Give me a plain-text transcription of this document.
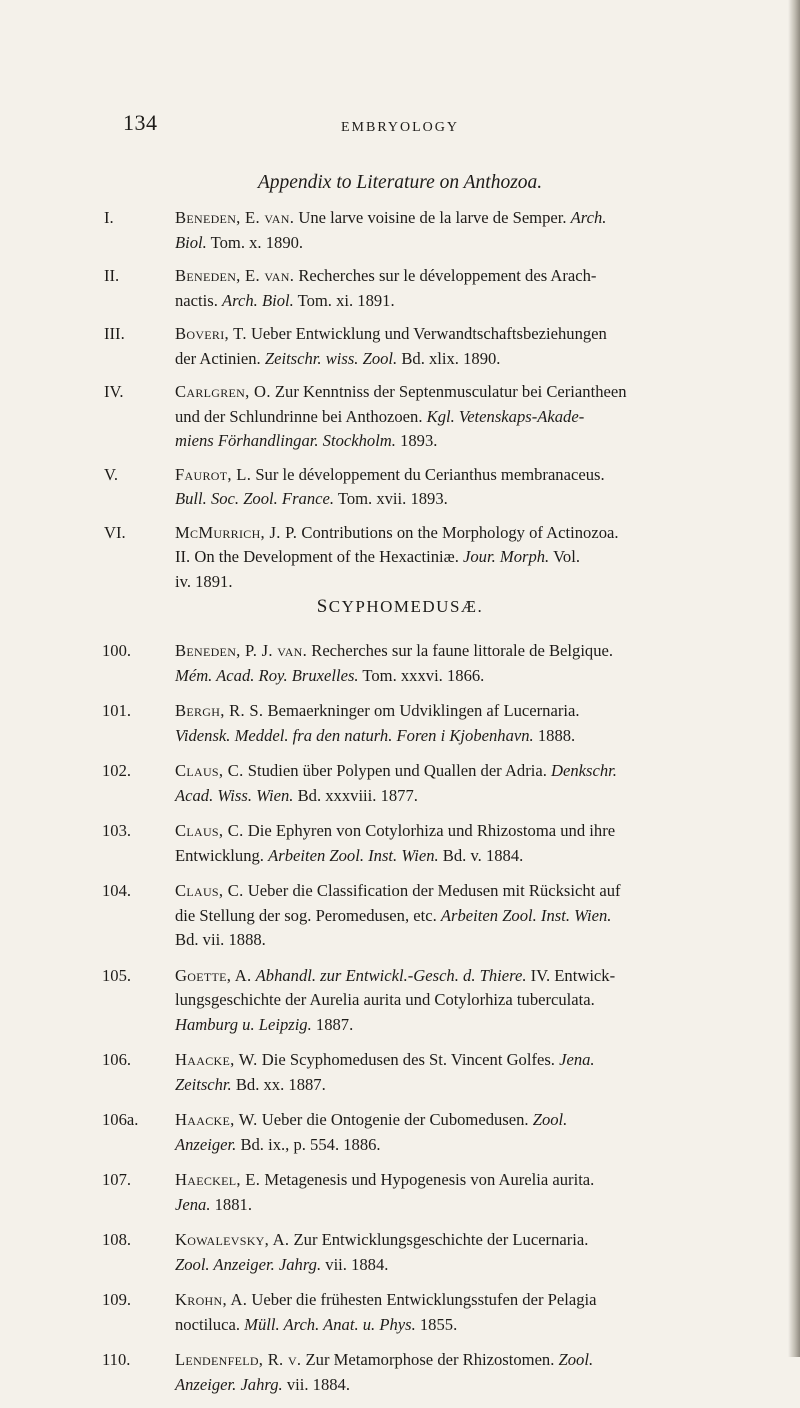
134	EMBRYOLOGY
Appendix to Literature on Anthozoa.
I.	Beneden, E. van. Une larve voisine de la larve de Semper. Arch.
Biol. Tom. x. 1890.
II.	Beneden, E. van. Recherches sur le développement des Arach-
nactis. Arch. Biol. Tom. xi. 1891.
III.	Boveri, T. Ueber Entwicklung und Verwandtschaftsbeziehungen
der Actinien. Zeitschr. wiss. Zool. Bd. xlix. 1890.
IV.	Carlgren, O. Zur Kenntniss der Septenmusculatur bei Ceriantheen
und der Schlundrinne bei Anthozoen. Kgl. Vetenskaps-Akade-
miens Förhandlingar. Stockholm. 1893.
V.	Faurot, L. Sur le développement du Cerianthus membranaceus.
Bull. Soc. Zool. France. Tom. xvii. 1893.
VI.	McMurrich, J. P. Contributions on the Morphology of Actinozoa.
II. On the Development of the Hexactiniæ. Jour. Morph. Vol.
iv. 1891.
SCYPHOMEDUSÆ.
100.	Beneden, P. J. van. Recherches sur la faune littorale de Belgique.
Mém. Acad. Roy. Bruxelles. Tom. xxxvi. 1866.
101.	Bergh, R. S. Bemaerkninger om Udviklingen af Lucernaria.
Vidensk. Meddel. fra den naturh. Foren i Kjobenhavn. 1888.
102.	Claus, C. Studien über Polypen und Quallen der Adria. Denkschr.
Acad. Wiss. Wien. Bd. xxxviii. 1877.
103.	Claus, C. Die Ephyren von Cotylorhiza und Rhizostoma und ihre
Entwicklung. Arbeiten Zool. Inst. Wien. Bd. v. 1884.
104.	Claus, C. Ueber die Classification der Medusen mit Rücksicht auf
die Stellung der sog. Peromedusen, etc. Arbeiten Zool. Inst. Wien.
Bd. vii. 1888.
105.	Goette, A. Abhandl. zur Entwickl.-Gesch. d. Thiere. IV. Entwick-
lungsgeschichte der Aurelia aurita und Cotylorhiza tuberculata.
Hamburg u. Leipzig. 1887.
106.	Haacke, W. Die Scyphomedusen des St. Vincent Golfes. Jena.
Zeitschr. Bd. xx. 1887.
106a. Haacke, W. Ueber die Ontogenie der Cubomedusen. Zool.
Anzeiger. Bd. ix., p. 554. 1886.
107.	Haeckel, E. Metagenesis und Hypogenesis von Aurelia aurita.
Jena. 1881.
108.	Kowalevsky, A. Zur Entwicklungsgeschichte der Lucernaria.
Zool. Anzeiger. Jahrg. vii. 1884.
109.	Krohn, A. Ueber die frühesten Entwicklungsstufen der Pelagia
noctiluca. Müll. Arch. Anat. u. Phys. 1855.
110.	Lendenfeld, R. v. Zur Metamorphose der Rhizostomen. Zool.
Anzeiger. Jahrg. vii. 1884.
